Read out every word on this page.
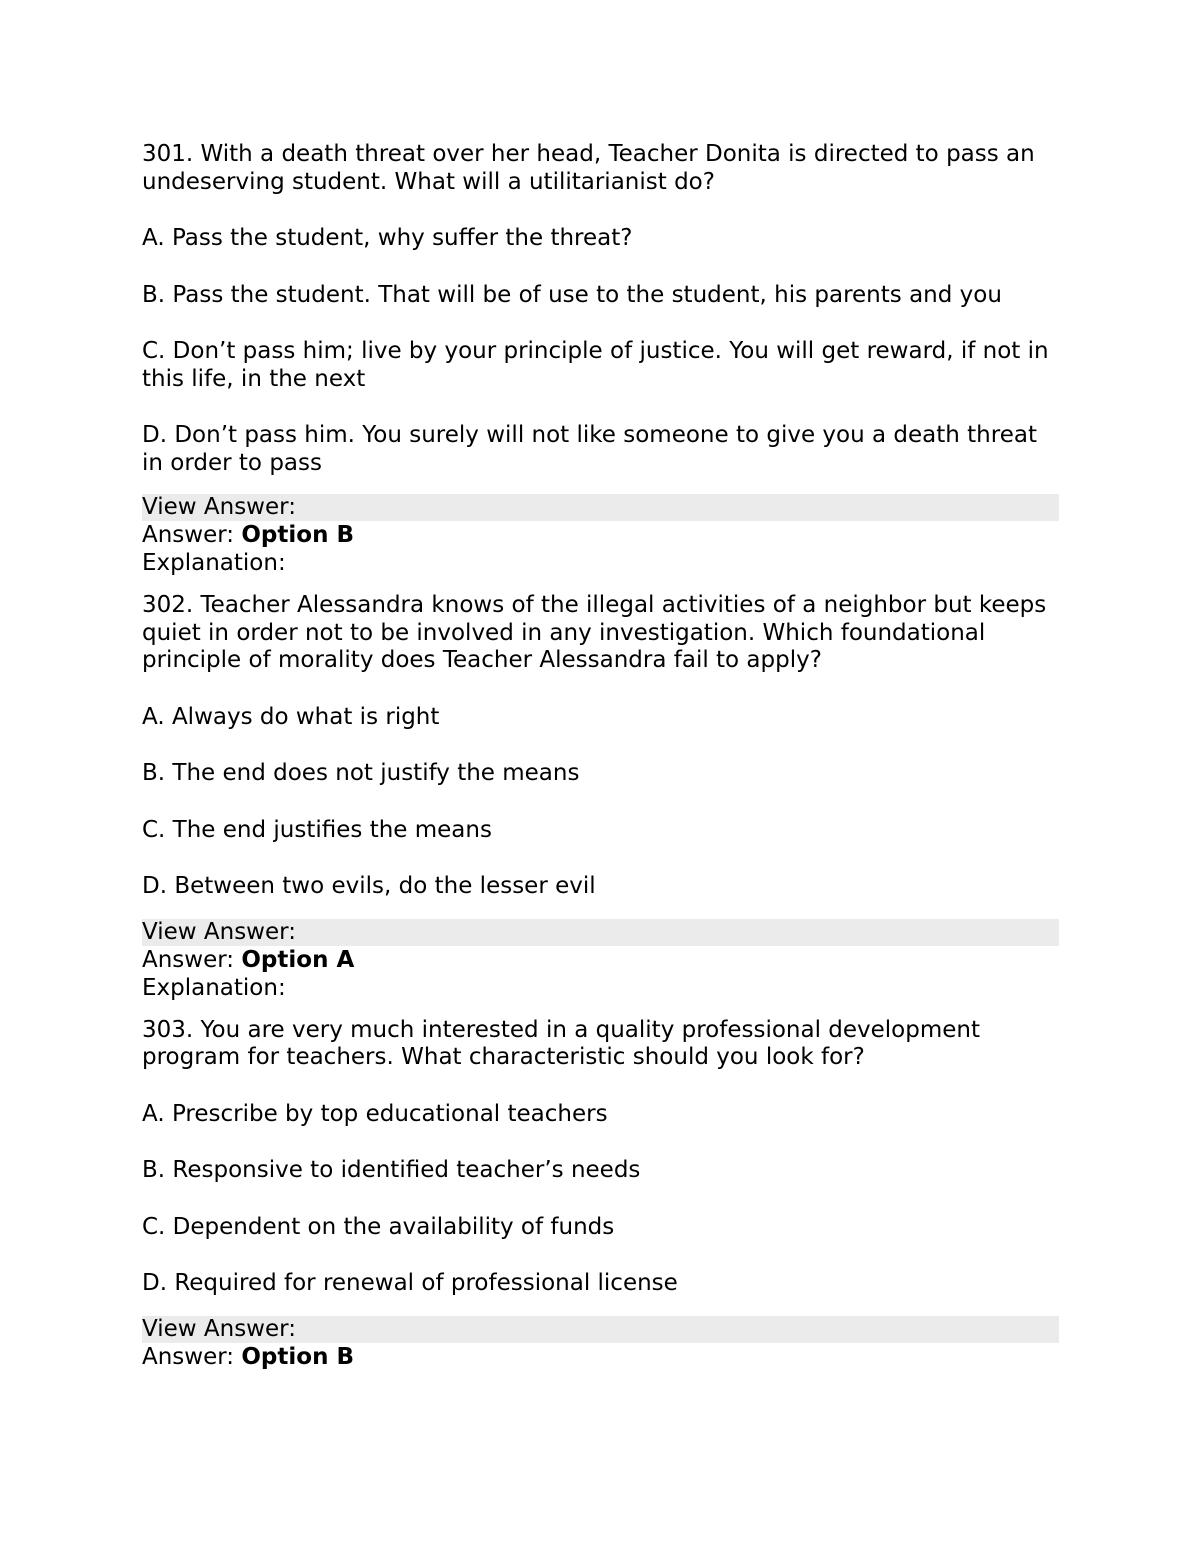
301. With a death threat over her head, Teacher Donita is directed to pass an undeserving student. What will a utilitarianist do?
A. Pass the student, why suffer the threat?
B. Pass the student. That will be of use to the student, his parents and you
C. Don’t pass him; live by your principle of justice. You will get reward, if not in this life, in the next
D. Don’t pass him. You surely will not like someone to give you a death threat in order to pass
View Answer:
Answer: Option B
Explanation:
302. Teacher Alessandra knows of the illegal activities of a neighbor but keeps quiet in order not to be involved in any investigation. Which foundational principle of morality does Teacher Alessandra fail to apply?
A. Always do what is right
B. The end does not justify the means
C. The end justifies the means
D. Between two evils, do the lesser evil
View Answer:
Answer: Option A
Explanation:
303. You are very much interested in a quality professional development program for teachers. What characteristic should you look for?
A. Prescribe by top educational teachers
B. Responsive to identified teacher’s needs
C. Dependent on the availability of funds
D. Required for renewal of professional license
View Answer:
Answer: Option B
